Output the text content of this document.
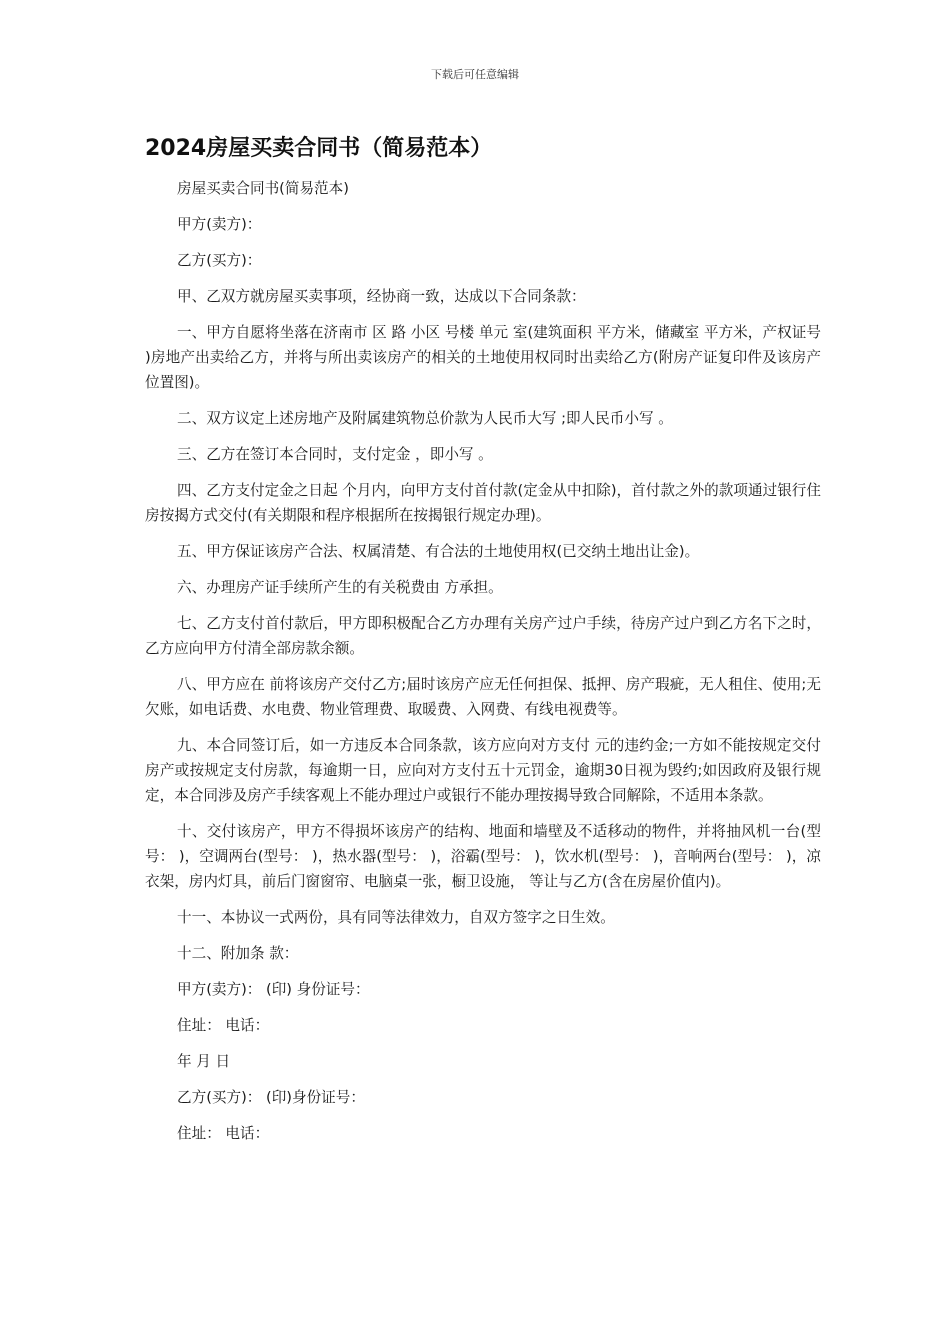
下载后可任意编辑
2024房屋买卖合同书（简易范本）

房屋买卖合同书(简易范本)

甲方(卖方)：

乙方(买方)：

甲、乙双方就房屋买卖事项，经协商一致，达成以下合同条款：

一、甲方自愿将坐落在济南市 区 路 小区 号楼 单元 室(建筑面积 平方米，储藏室 平方米，产权证号 )房地产出卖给乙方，并将与所出卖该房产的相关的土地使用权同时出卖给乙方(附房产证复印件及该房产位置图)。

二、双方议定上述房地产及附属建筑物总价款为人民币大写 ;即人民币小写 。

三、乙方在签订本合同时，支付定金 ，即小写 。

四、乙方支付定金之日起 个月内，向甲方支付首付款(定金从中扣除)，首付款之外的款项通过银行住房按揭方式交付(有关期限和程序根据所在按揭银行规定办理)。

五、甲方保证该房产合法、权属清楚、有合法的土地使用权(已交纳土地出让金)。

六、办理房产证手续所产生的有关税费由 方承担。

七、乙方支付首付款后，甲方即积极配合乙方办理有关房产过户手续，待房产过户到乙方名下之时，乙方应向甲方付清全部房款余额。

八、甲方应在 前将该房产交付乙方;届时该房产应无任何担保、抵押、房产瑕疵，无人租住、使用;无欠账，如电话费、水电费、物业管理费、取暖费、入网费、有线电视费等。

九、本合同签订后，如一方违反本合同条款，该方应向对方支付 元的违约金;一方如不能按规定交付房产或按规定支付房款，每逾期一日，应向对方支付五十元罚金，逾期30日视为毁约;如因政府及银行规定，本合同涉及房产手续客观上不能办理过户或银行不能办理按揭导致合同解除，不适用本条款。

十、交付该房产，甲方不得损坏该房产的结构、地面和墙壁及不适移动的物件，并将抽风机一台(型号： )，空调两台(型号： )，热水器(型号： )，浴霸(型号： )，饮水机(型号： )，音响两台(型号： )，凉衣架，房内灯具，前后门窗窗帘、电脑桌一张，橱卫设施， 等让与乙方(含在房屋价值内)。

十一、本协议一式两份，具有同等法律效力，自双方签字之日生效。

十二、附加条 款：

甲方(卖方)： (印) 身份证号：

住址： 电话：

年 月 日

乙方(买方)： (印)身份证号：

住址： 电话：
